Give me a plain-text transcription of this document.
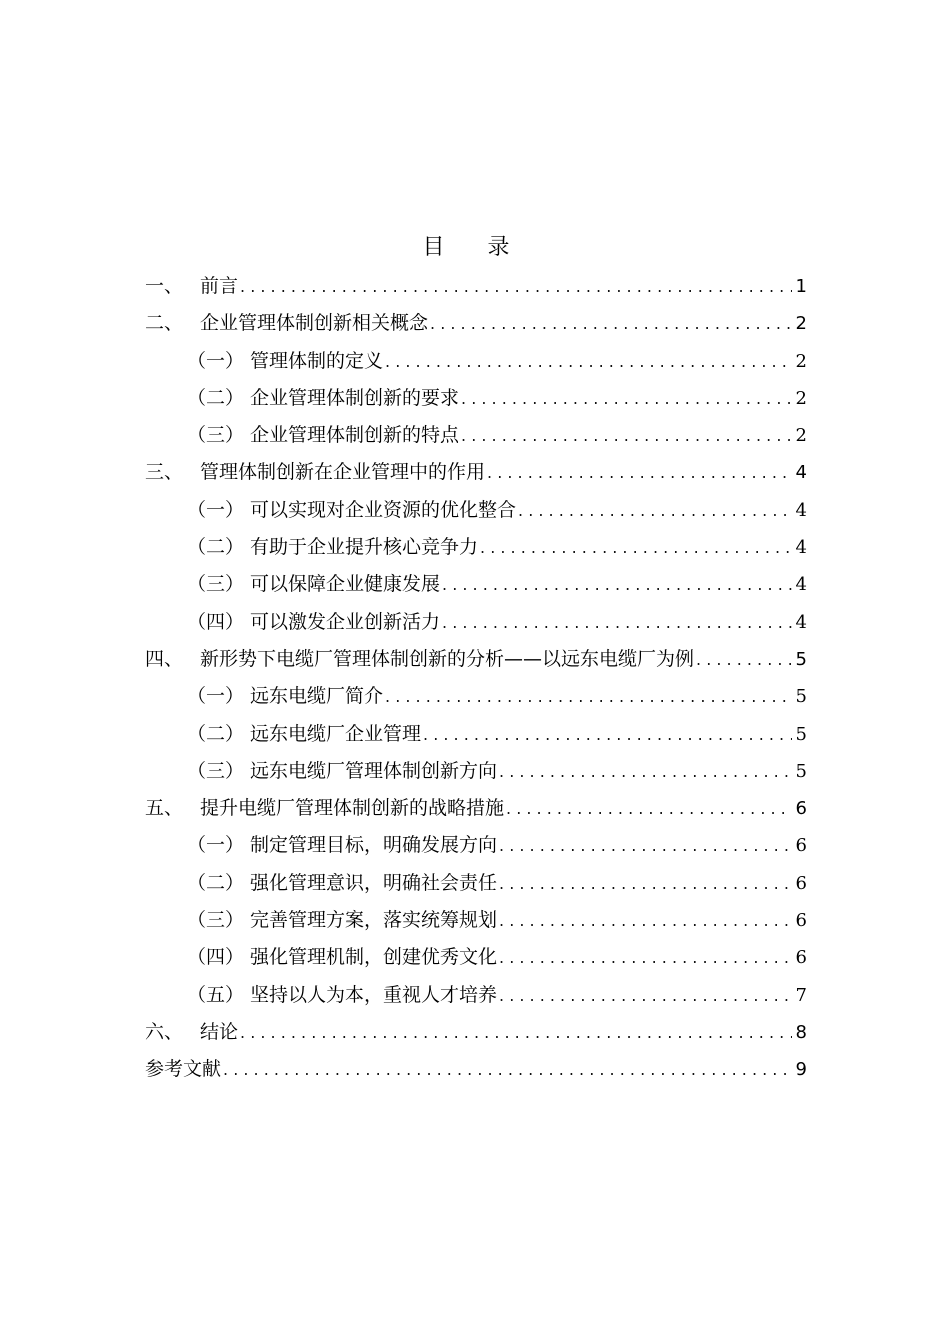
目 录
一、 前言 . . .	1
二、 企业管理体制创新相关概念 . . .	2
（一） 管理体制的定义 . . .	2
（二） 企业管理体制创新的要求 . . .	2
（三） 企业管理体制创新的特点 . . .	2
三、 管理体制创新在企业管理中的作用 . . .	4
（一） 可以实现对企业资源的优化整合 . . .	4
（二） 有助于企业提升核心竞争力 . . .	4
（三） 可以保障企业健康发展 . . .	4
（四） 可以激发企业创新活力 . . .	4
四、 新形势下电缆厂管理体制创新的分析——以远东电缆厂为例 . . .	5
（一） 远东电缆厂简介 . . .	5
（二） 远东电缆厂企业管理 . . .	5
（三） 远东电缆厂管理体制创新方向 . . .	5
五、 提升电缆厂管理体制创新的战略措施 . . .	6
（一） 制定管理目标，明确发展方向 . . .	6
（二） 强化管理意识，明确社会责任 . . .	6
（三） 完善管理方案，落实统筹规划 . . .	6
（四） 强化管理机制，创建优秀文化 . . .	6
（五） 坚持以人为本，重视人才培养 . . .	7
六、 结论 . . .	8
参考文献 . . .	9
